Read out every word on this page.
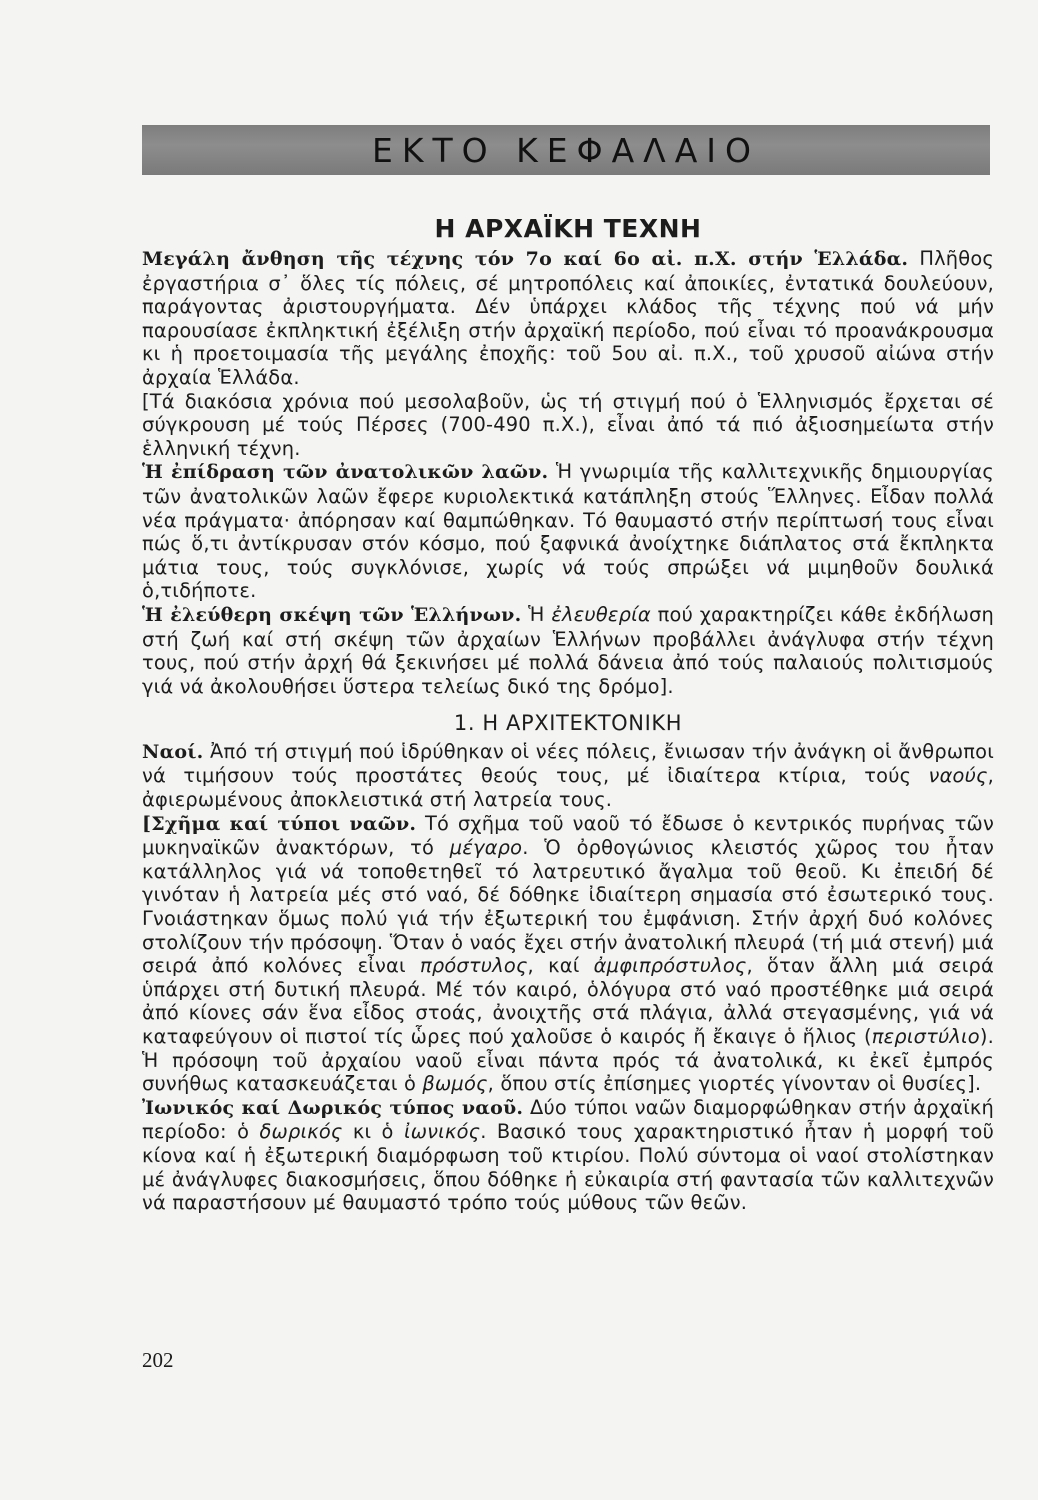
ΕΚΤΟ ΚΕΦΑΛΑΙΟ
Η ΑΡΧΑΪΚΗ ΤΕΧΝΗ

Μεγάλη ἄνθηση τῆς τέχνης τόν 7ο καί 6ο αἰ. π.Χ. στήν Ἑλλάδα. Πλῆθος ἐργαστήρια σ᾽ ὅλες τίς πόλεις, σέ μητροπόλεις καί ἀποικίες, ἐντατικά δουλεύουν, παράγοντας ἀριστουργήματα. Δέν ὑπάρχει κλάδος τῆς τέχνης πού νά μήν παρουσίασε ἐκπληκτική ἐξέλιξη στήν ἀρχαϊκή περίοδο, πού εἶναι τό προανάκρουσμα κι ἡ προετοιμασία τῆς μεγάλης ἐποχῆς: τοῦ 5ου αἰ. π.Χ., τοῦ χρυσοῦ αἰώνα στήν ἀρχαία Ἑλλάδα.

[Τά διακόσια χρόνια πού μεσολαβοῦν, ὡς τή στιγμή πού ὁ Ἑλληνισμός ἔρχεται σέ σύγκρουση μέ τούς Πέρσες (700-490 π.Χ.), εἶναι ἀπό τά πιό ἀξιοσημείωτα στήν ἑλληνική τέχνη.

Ἡ ἐπίδραση τῶν ἀνατολικῶν λαῶν. Ἡ γνωριμία τῆς καλλιτεχνικῆς δημιουργίας τῶν ἀνατολικῶν λαῶν ἔφερε κυριολεκτικά κατάπληξη στούς Ἕλληνες. Εἶδαν πολλά νέα πράγματα· ἀπόρησαν καί θαμπώθηκαν. Τό θαυμαστό στήν περίπτωσή τους εἶναι πώς ὅ,τι ἀντίκρυσαν στόν κόσμο, πού ξαφνικά ἀνοίχτηκε διάπλατος στά ἔκπληκτα μάτια τους, τούς συγκλόνισε, χωρίς νά τούς σπρώξει νά μιμηθοῦν δουλικά ὁ,τιδήποτε.

Ἡ ἐλεύθερη σκέψη τῶν Ἑλλήνων. Ἡ ἐλευθερία πού χαρακτηρίζει κάθε ἐκδήλωση στή ζωή καί στή σκέψη τῶν ἀρχαίων Ἑλλήνων προβάλλει ἀνάγλυφα στήν τέχνη τους, πού στήν ἀρχή θά ξεκινήσει μέ πολλά δάνεια ἀπό τούς παλαιούς πολιτισμούς γιά νά ἀκολουθήσει ὕστερα τελείως δικό της δρόμο].

1. Η ΑΡΧΙΤΕΚΤΟΝΙΚΗ

Ναοί. Ἀπό τή στιγμή πού ἱδρύθηκαν οἱ νέες πόλεις, ἔνιωσαν τήν ἀνάγκη οἱ ἄνθρωποι νά τιμήσουν τούς προστάτες θεούς τους, μέ ἰδιαίτερα κτίρια, τούς ναούς, ἀφιερωμένους ἀποκλειστικά στή λατρεία τους.

[Σχῆμα καί τύποι ναῶν. Τό σχῆμα τοῦ ναοῦ τό ἔδωσε ὁ κεντρικός πυρήνας τῶν μυκηναϊκῶν ἀνακτόρων, τό μέγαρο. Ὁ ὀρθογώνιος κλειστός χῶρος του ἦταν κατάλληλος γιά νά τοποθετηθεῖ τό λατρευτικό ἄγαλμα τοῦ θεοῦ. Κι ἐπειδή δέ γινόταν ἡ λατρεία μές στό ναό, δέ δόθηκε ἰδιαίτερη σημασία στό ἐσωτερικό τους. Γνοιάστηκαν ὅμως πολύ γιά τήν ἐξωτερική του ἐμφάνιση. Στήν ἀρχή δυό κολόνες στολίζουν τήν πρόσοψη. Ὅταν ὁ ναός ἔχει στήν ἀνατολική πλευρά (τή μιά στενή) μιά σειρά ἀπό κολόνες εἶναι πρόστυλος, καί ἀμφιπρόστυλος, ὅταν ἄλλη μιά σειρά ὑπάρχει στή δυτική πλευρά. Μέ τόν καιρό, ὁλόγυρα στό ναό προστέθηκε μιά σειρά ἀπό κίονες σάν ἕνα εἶδος στοάς, ἀνοιχτῆς στά πλάγια, ἀλλά στεγασμένης, γιά νά καταφεύγουν οἱ πιστοί τίς ὧρες πού χαλοῦσε ὁ καιρός ἤ ἔκαιγε ὁ ἥλιος (περιστύλιο). Ἡ πρόσοψη τοῦ ἀρχαίου ναοῦ εἶναι πάντα πρός τά ἀνατολικά, κι ἐκεῖ ἐμπρός συνήθως κατασκευάζεται ὁ βωμός, ὅπου στίς ἐπίσημες γιορτές γίνονταν οἱ θυσίες].

Ἰωνικός καί Δωρικός τύπος ναοῦ. Δύο τύποι ναῶν διαμορφώθηκαν στήν ἀρχαϊκή περίοδο: ὁ δωρικός κι ὁ ἰωνικός. Βασικό τους χαρακτηριστικό ἦταν ἡ μορφή τοῦ κίονα καί ἡ ἐξωτερική διαμόρφωση τοῦ κτιρίου. Πολύ σύντομα οἱ ναοί στολίστηκαν μέ ἀνάγλυφες διακοσμήσεις, ὅπου δόθηκε ἡ εὐκαιρία στή φαντασία τῶν καλλιτεχνῶν νά παραστήσουν μέ θαυμαστό τρόπο τούς μύθους τῶν θεῶν.

202
